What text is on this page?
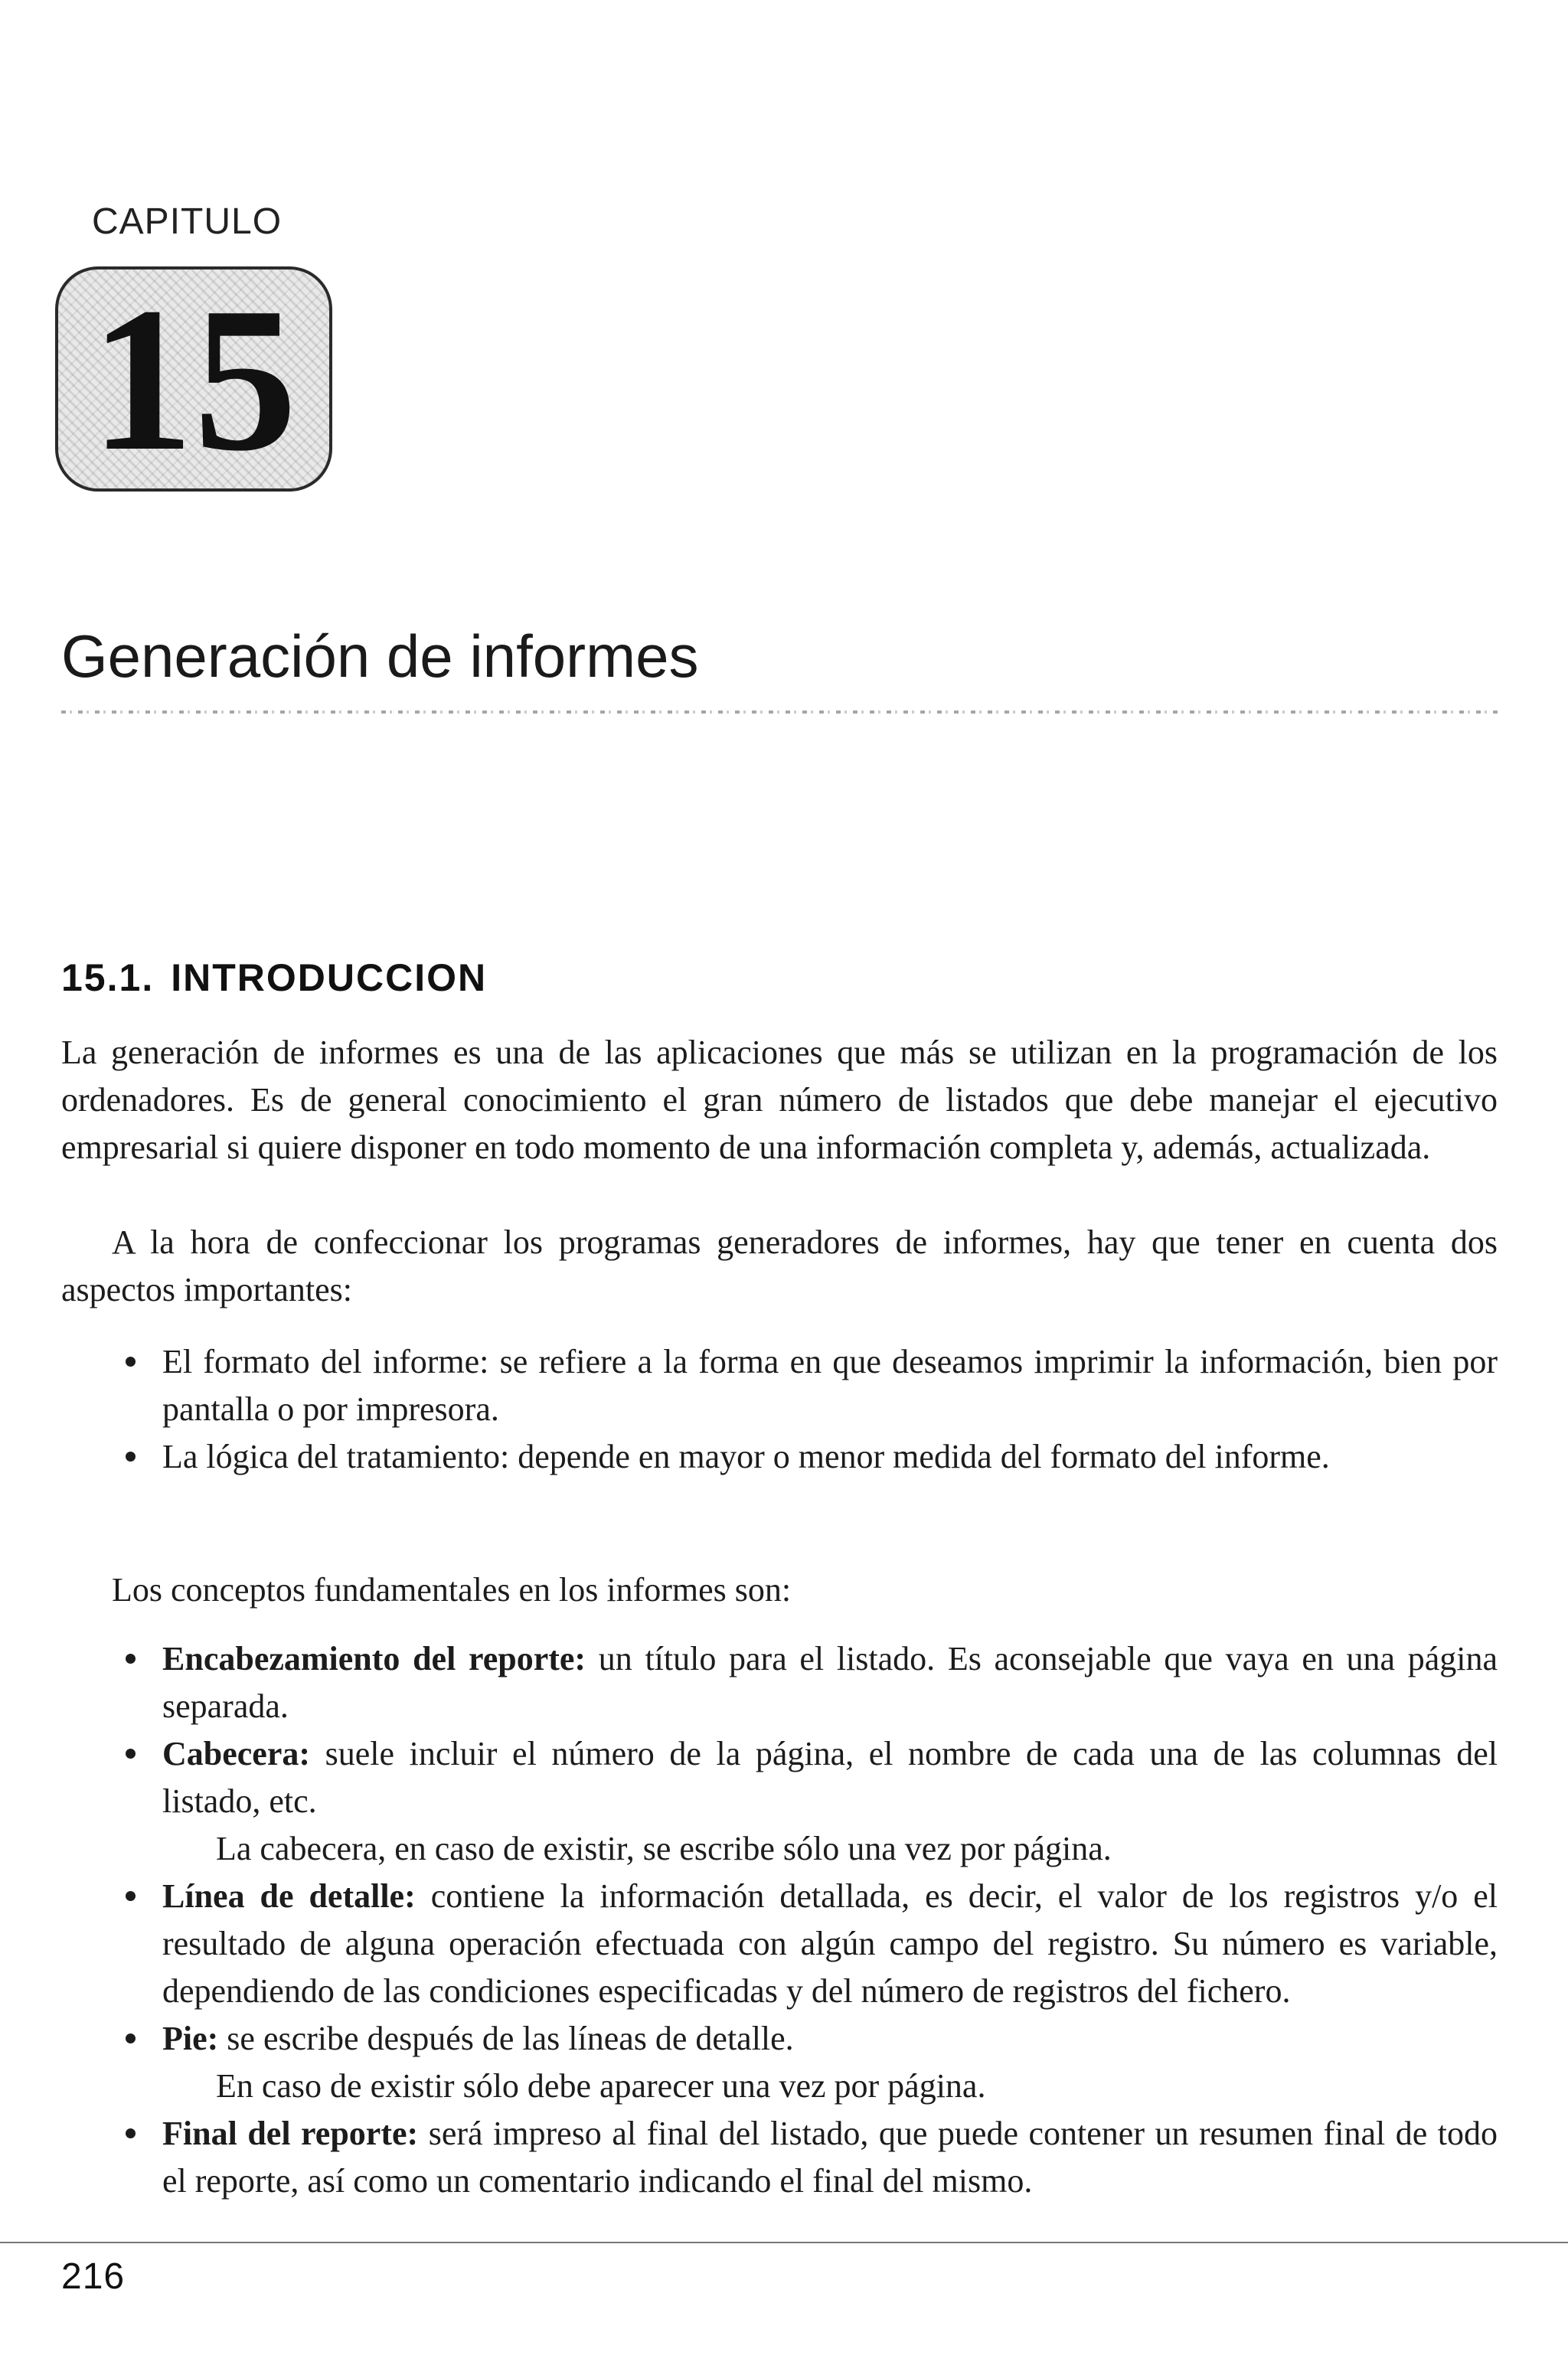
CAPITULO
15
Generación de informes
15.1. INTRODUCCION

La generación de informes es una de las aplicaciones que más se utilizan en la programación de los ordenadores. Es de general conocimiento el gran número de listados que debe manejar el ejecutivo empresarial si quiere disponer en todo momento de una información completa y, además, actualizada.

A la hora de confeccionar los programas generadores de informes, hay que tener en cuenta dos aspectos importantes:

El formato del informe: se refiere a la forma en que deseamos imprimir la información, bien por pantalla o por impresora.
La lógica del tratamiento: depende en mayor o menor medida del formato del informe.

Los conceptos fundamentales en los informes son:

Encabezamiento del reporte: un título para el listado. Es aconsejable que vaya en una página separada.
Cabecera: suele incluir el número de la página, el nombre de cada una de las columnas del listado, etc.
La cabecera, en caso de existir, se escribe sólo una vez por página.
Línea de detalle: contiene la información detallada, es decir, el valor de los registros y/o el resultado de alguna operación efectuada con algún campo del registro. Su número es variable, dependiendo de las condiciones especificadas y del número de registros del fichero.
Pie: se escribe después de las líneas de detalle.
En caso de existir sólo debe aparecer una vez por página.
Final del reporte: será impreso al final del listado, que puede contener un resumen final de todo el reporte, así como un comentario indicando el final del mismo.
216
